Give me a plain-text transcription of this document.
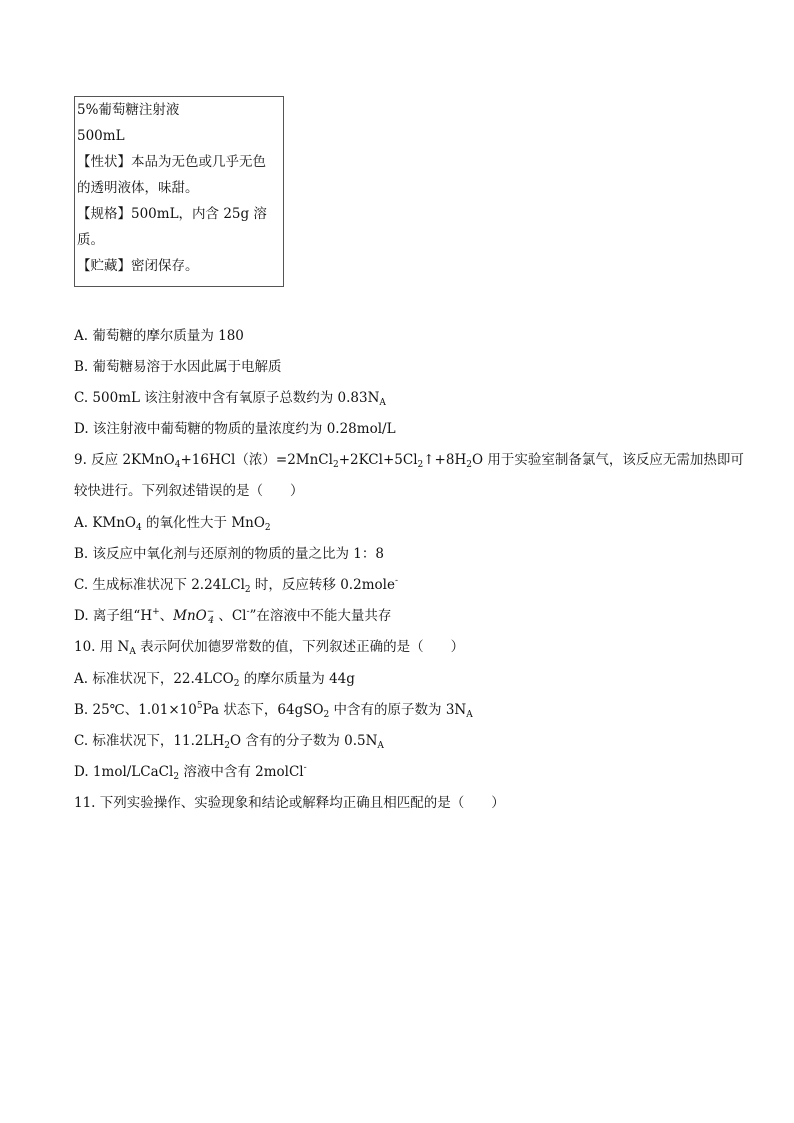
5%葡萄糖注射液
500mL
【性状】本品为无色或几乎无色
的透明液体，味甜。
【规格】500mL，内含 25g 溶
质。
【贮藏】密闭保存。
A. 葡萄糖的摩尔质量为 180
B. 葡萄糖易溶于水因此属于电解质
C. 500mL 该注射液中含有氧原子总数约为 $0.83N_A$
D. 该注射液中葡萄糖的物质的量浓度约为 0.28mol/L
9. 反应 2KMnO$_4$+16HCl（浓）$=2MnCl_2+2KCl+5Cl_2↑+8H_2O$ 用于实验室制备氯气，该反应无需加热即可较快进行。下列叙述错误的是（　　）
A. KMnO$_4$ 的氧化性大于 MnO$_2$
B. 该反应中氧化剂与还原剂的物质的量之比为 1：8
C. 生成标准状况下 2.24LCl$_2$ 时，反应转移 0.2mole-
D. 离子组“H+、MnO−$_4$ 、Cl-”在溶液中不能大量共存
10. 用 $N_A$ 表示阿伏加德罗常数的值，下列叙述正确的是（　　）
A. 标准状况下，$22.4LCO_2$ 的摩尔质量为 44g
B. 25℃、$1.01\times 10^5Pa$ 状态下，64gSO$_2$ 中含有的原子数为 $3N_A$
C. 标准状况下，$11.2LH_2O$ 含有的分子数为 $0.5N_A$
D. 1mol/LCaCl$_2$ 溶液中含有 2molCl-
11. 下列实验操作、实验现象和结论或解释均正确且相匹配的是（　　）
